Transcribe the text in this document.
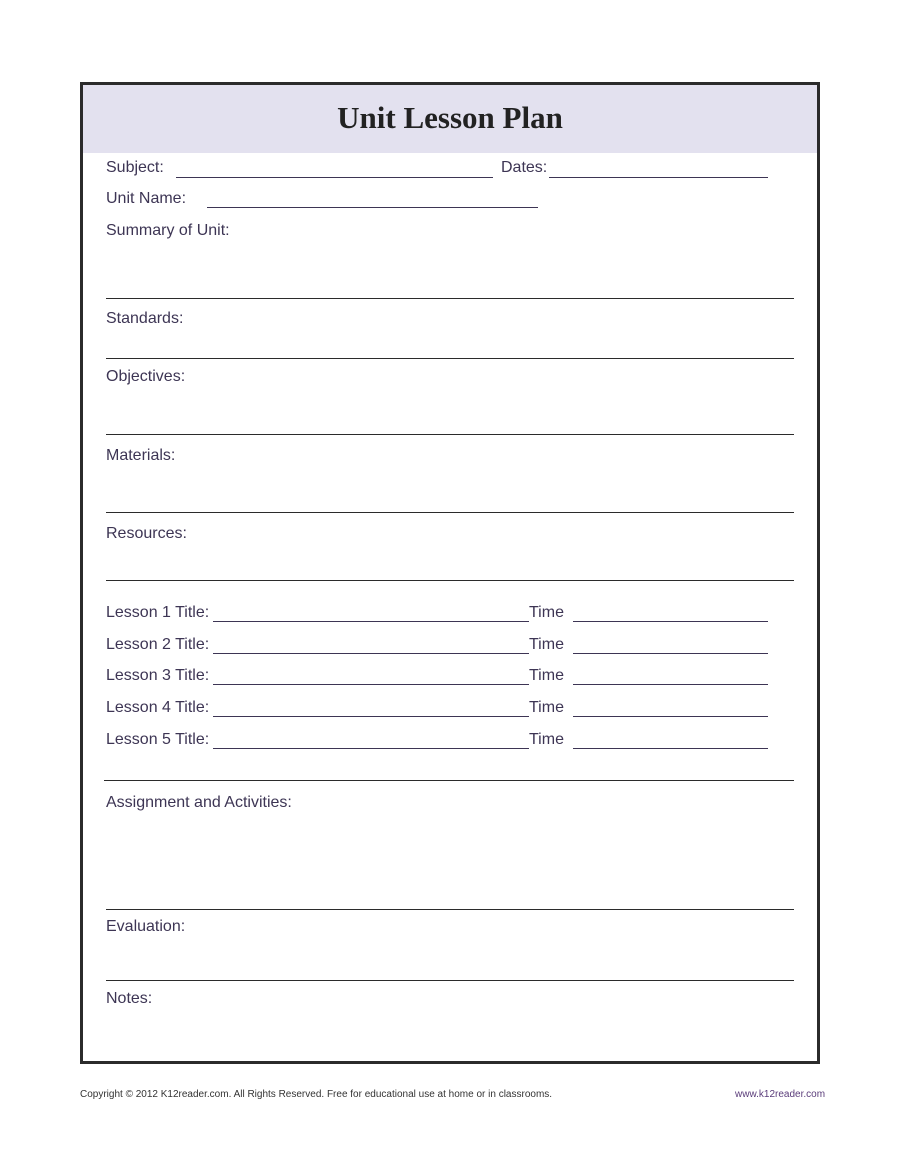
Unit Lesson Plan
Subject:	Dates:
Unit Name:
Summary of Unit:
Standards:
Objectives:
Materials:
Resources:
Lesson 1 Title:	Time
Lesson 2 Title:	Time
Lesson 3 Title:	Time
Lesson 4 Title:	Time
Lesson 5 Title:	Time
Assignment and Activities:
Evaluation:
Notes:
Copyright © 2012 K12reader.com. All Rights Reserved. Free for educational use at home or in classrooms.	www.k12reader.com
